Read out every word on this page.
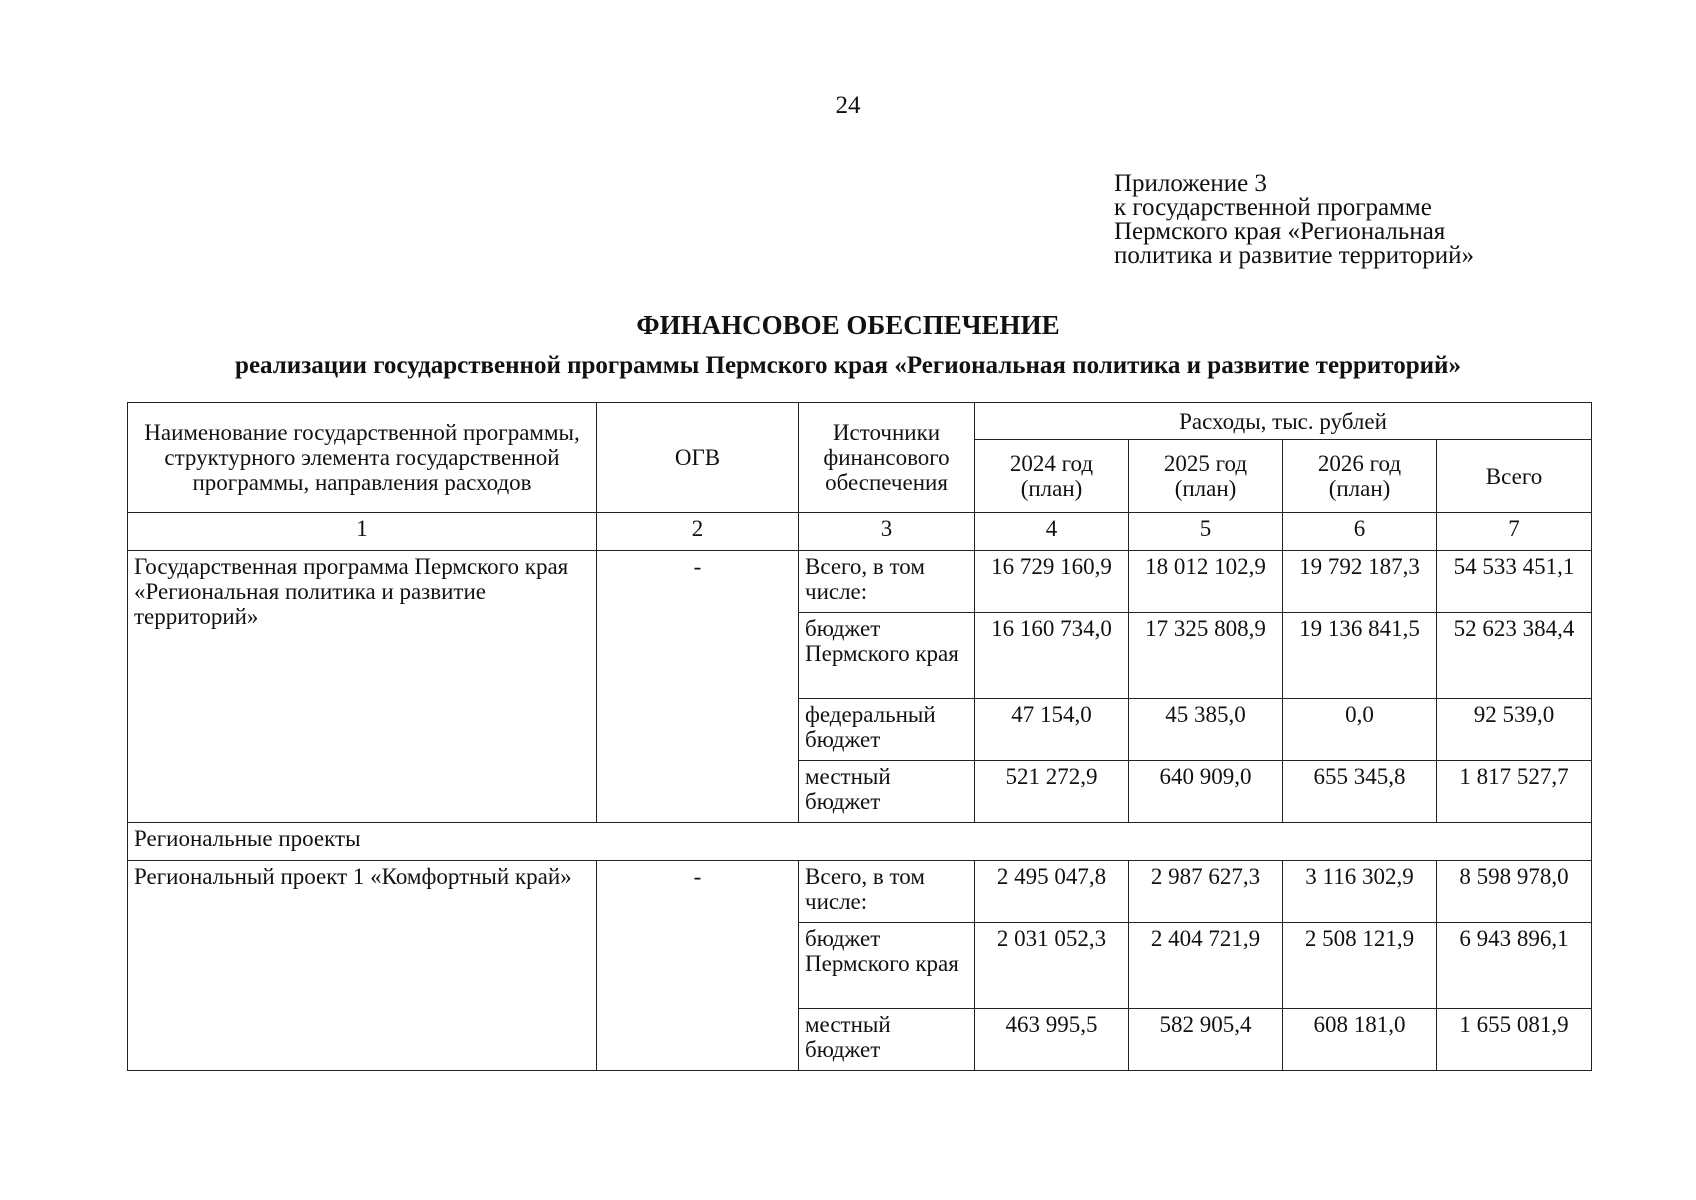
24
Приложение 3
к государственной программе
Пермского края «Региональная
политика и развитие территорий»
ФИНАНСОВОЕ ОБЕСПЕЧЕНИЕ
реализации государственной программы Пермского края «Региональная политика и развитие территорий»
Наименование государственной программы, структурного элемента государственной программы, направления расходов	ОГВ	Источники финансового обеспечения	Расходы, тыс. рублей			
			2024 год (план)	2025 год (план)	2026 год (план)	Всего
1	2	3	4	5	6	7
Государственная программа Пермского края «Региональная политика и развитие территорий»	-	Всего, в том числе:	16 729 160,9	18 012 102,9	19 792 187,3	54 533 451,1
		бюджет Пермского края	16 160 734,0	17 325 808,9	19 136 841,5	52 623 384,4
		федеральный бюджет	47 154,0	45 385,0	0,0	92 539,0
		местный бюджет	521 272,9	640 909,0	655 345,8	1 817 527,7
Региональные проекты						
Региональный проект 1 «Комфортный край»	-	Всего, в том числе:	2 495 047,8	2 987 627,3	3 116 302,9	8 598 978,0
		бюджет Пермского края	2 031 052,3	2 404 721,9	2 508 121,9	6 943 896,1
		местный бюджет	463 995,5	582 905,4	608 181,0	1 655 081,9
